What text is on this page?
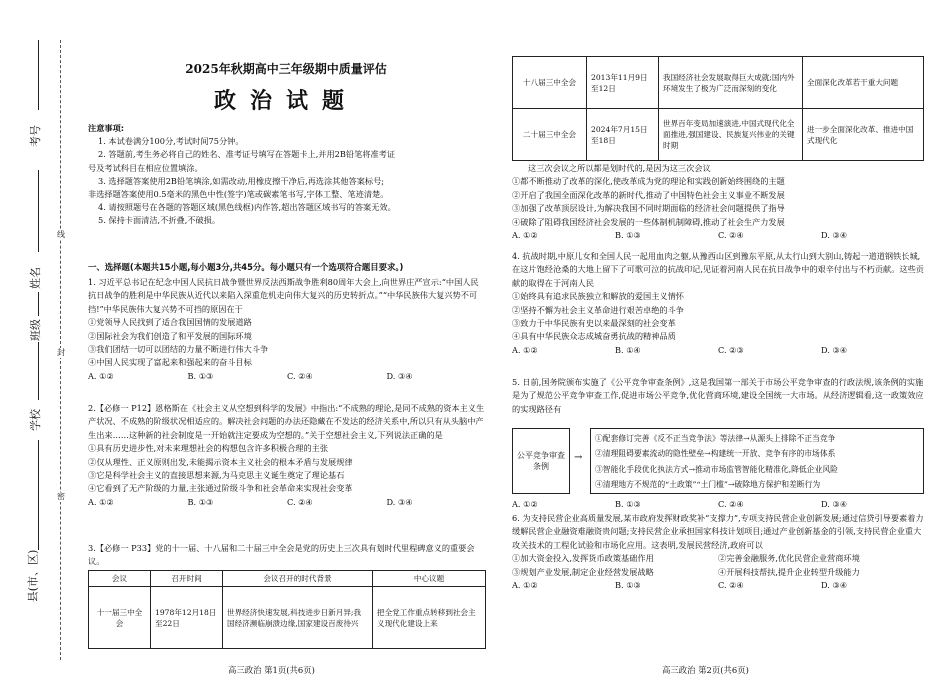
线
封
密
考号
姓名
班级
学校
县(市、区)
2025年秋期高中三年级期中质量评估
政治试题

注意事项:

1. 本试卷满分100分,考试时间75分钟。

2. 答题前,考生务必将自己的姓名、准考证号填写在答题卡上,并用2B铅笔将准考证

号及考试科目在相应位置填涂。

3. 选择题答案使用2B铅笔填涂,如需改动,用橡皮擦干净后,再选涂其他答案标号;

非选择题答案使用0.5毫米的黑色中性(签字)笔或碳素笔书写,字体工整、笔迹清楚。

4. 请按照题号在各题的答题区域(黑色线框)内作答,超出答题区域书写的答案无效。

5. 保持卡面清洁,不折叠,不破损。

一、选择题(本题共15小题,每小题3分,共45分。每小题只有一个选项符合题目要求。)

1. 习近平总书记在纪念中国人民抗日战争暨世界反法西斯战争胜利80周年大会上,向世界庄严宣示:“中国人民抗日战争的胜利是中华民族从近代以来陷入深重危机走向伟大复兴的历史转折点。”“中华民族伟大复兴势不可挡!”中华民族伟大复兴势不可挡的原因在于

①党领导人民找到了适合我国国情的发展道路
②国际社会为我们创造了和平发展的国际环境
③我们团结一切可以团结的力量不断进行伟大斗争
④中国人民实现了富起来和强起来的奋斗目标
A. ①②	B. ①③	C. ②④	D. ③④

2.【必修一 P12】恩格斯在《社会主义从空想到科学的发展》中指出:“不成熟的理论,是同不成熟的资本主义生产状况、不成熟的阶级状况相适应的。解决社会问题的办法还隐藏在不发达的经济关系中,所以只有从头脑中产生出来……这种新的社会制度是一开始就注定要成为空想的。”关于空想社会主义,下列说法正确的是

①具有历史进步性,对未来理想社会的构想包含许多积极合理的主张
②仅从理性、正义原则出发,未能揭示资本主义社会的根本矛盾与发展规律
③它是科学社会主义的直接思想来源,为马克思主义诞生奠定了理论基石
④它看到了无产阶级的力量,主张通过阶级斗争和社会革命来实现社会变革
A. ①②	B. ①③	C. ②④	D. ③④

3.【必修一 P33】党的十一届、十八届和二十届三中全会是党的历史上三次具有划时代里程碑意义的重要会议。

会议	召开时间	会议召开的时代背景	中心议题
十一届三中全会	1978年12月18日至22日	世界经济快速发展,科技进步日新月异;我国经济濒临崩溃边缘,国家建设百废待兴	把全党工作重点转移到社会主义现代化建设上来
高三政治 第1页(共6页)
十八届三中全会	2013年11月9日至12日	我国经济社会发展取得巨大成就;国内外环境发生了极为广泛而深刻的变化	全面深化改革若干重大问题
二十届三中全会	2024年7月15日至18日	世界百年变局加速演进,中国式现代化全面推进,强国建设、民族复兴伟业的关键时期	进一步全面深化改革、推进中国式现代化

这三次会议之所以都是划时代的,是因为这三次会议

①都不断推动了改革的深化,使改革成为党的理论和实践创新始终围绕的主题
②开启了我国全面深化改革的新时代,推动了中国特色社会主义事业不断发展
③加强了改革顶层设计,为解决我国不同时期面临的经济社会问题提供了指导
④破除了阻碍我国经济社会发展的一些体制机制障碍,推动了社会生产力发展
A. ①②	B. ①③	C. ②④	D. ③④

4. 抗战时期,中原儿女和全国人民一起用血肉之躯,从豫西山区到豫东平原,从太行山到大别山,铸起一道道钢铁长城,在这片饱经沧桑的大地上留下了可歌可泣的抗战印记,见证着河南人民在抗日战争中的艰辛付出与不朽贡献。这些贡献的取得在于河南人民

①始终具有追求民族独立和解放的爱国主义情怀
②坚持不懈为社会主义革命进行艰苦卓绝的斗争
③致力于中华民族有史以来最深刻的社会变革
④具有中华民族众志成城奋勇抗战的精神品质
A. ①②	B. ①④	C. ②③	D. ③④

5. 日前,国务院颁布实施了《公平竞争审查条例》,这是我国第一部关于市场公平竞争审查的行政法规,该条例的实施是为了规范公平竞争审查工作,促进市场公平竞争,优化营商环境,建设全国统一大市场。从经济逻辑看,这一政策效应的实现路径有

公平竞争审查条例
→
①配套修订完善《反不正当竞争法》等法律→从源头上排除不正当竞争
②清理阻碍要素流动的隐性壁垒→构建统一开放、竞争有序的市场体系
③智能化手段优化执法方式→推动市场监管智能化精准化,降低企业风险
④清理地方不规范的“土政策”“土门槛”→破除地方保护和差断行为
A. ①②	B. ①③	C. ②④	D. ③④

6. 为支持民营企业高质量发展,某市政府发挥财政奖补“支撑力”,专项支持民营企业创新发展;通过信贷引导要素着力缓解民营企业融资难融资贵问题;支持民营企业承担国家科技计划项目;通过产业创新基金的引领,支持民营企业重大攻关技术的工程化试验和市场化应用。这表明,发展民营经济,政府可以

①加大资金投入,发挥货币政策基础作用	②完善金融服务,优化民营企业营商环境
③规划产业发展,制定企业经营发展战略	④开展科技帮扶,提升企业转型升级能力
A. ①②	B. ①③	C. ②④	D. ③④
高三政治 第2页(共6页)
